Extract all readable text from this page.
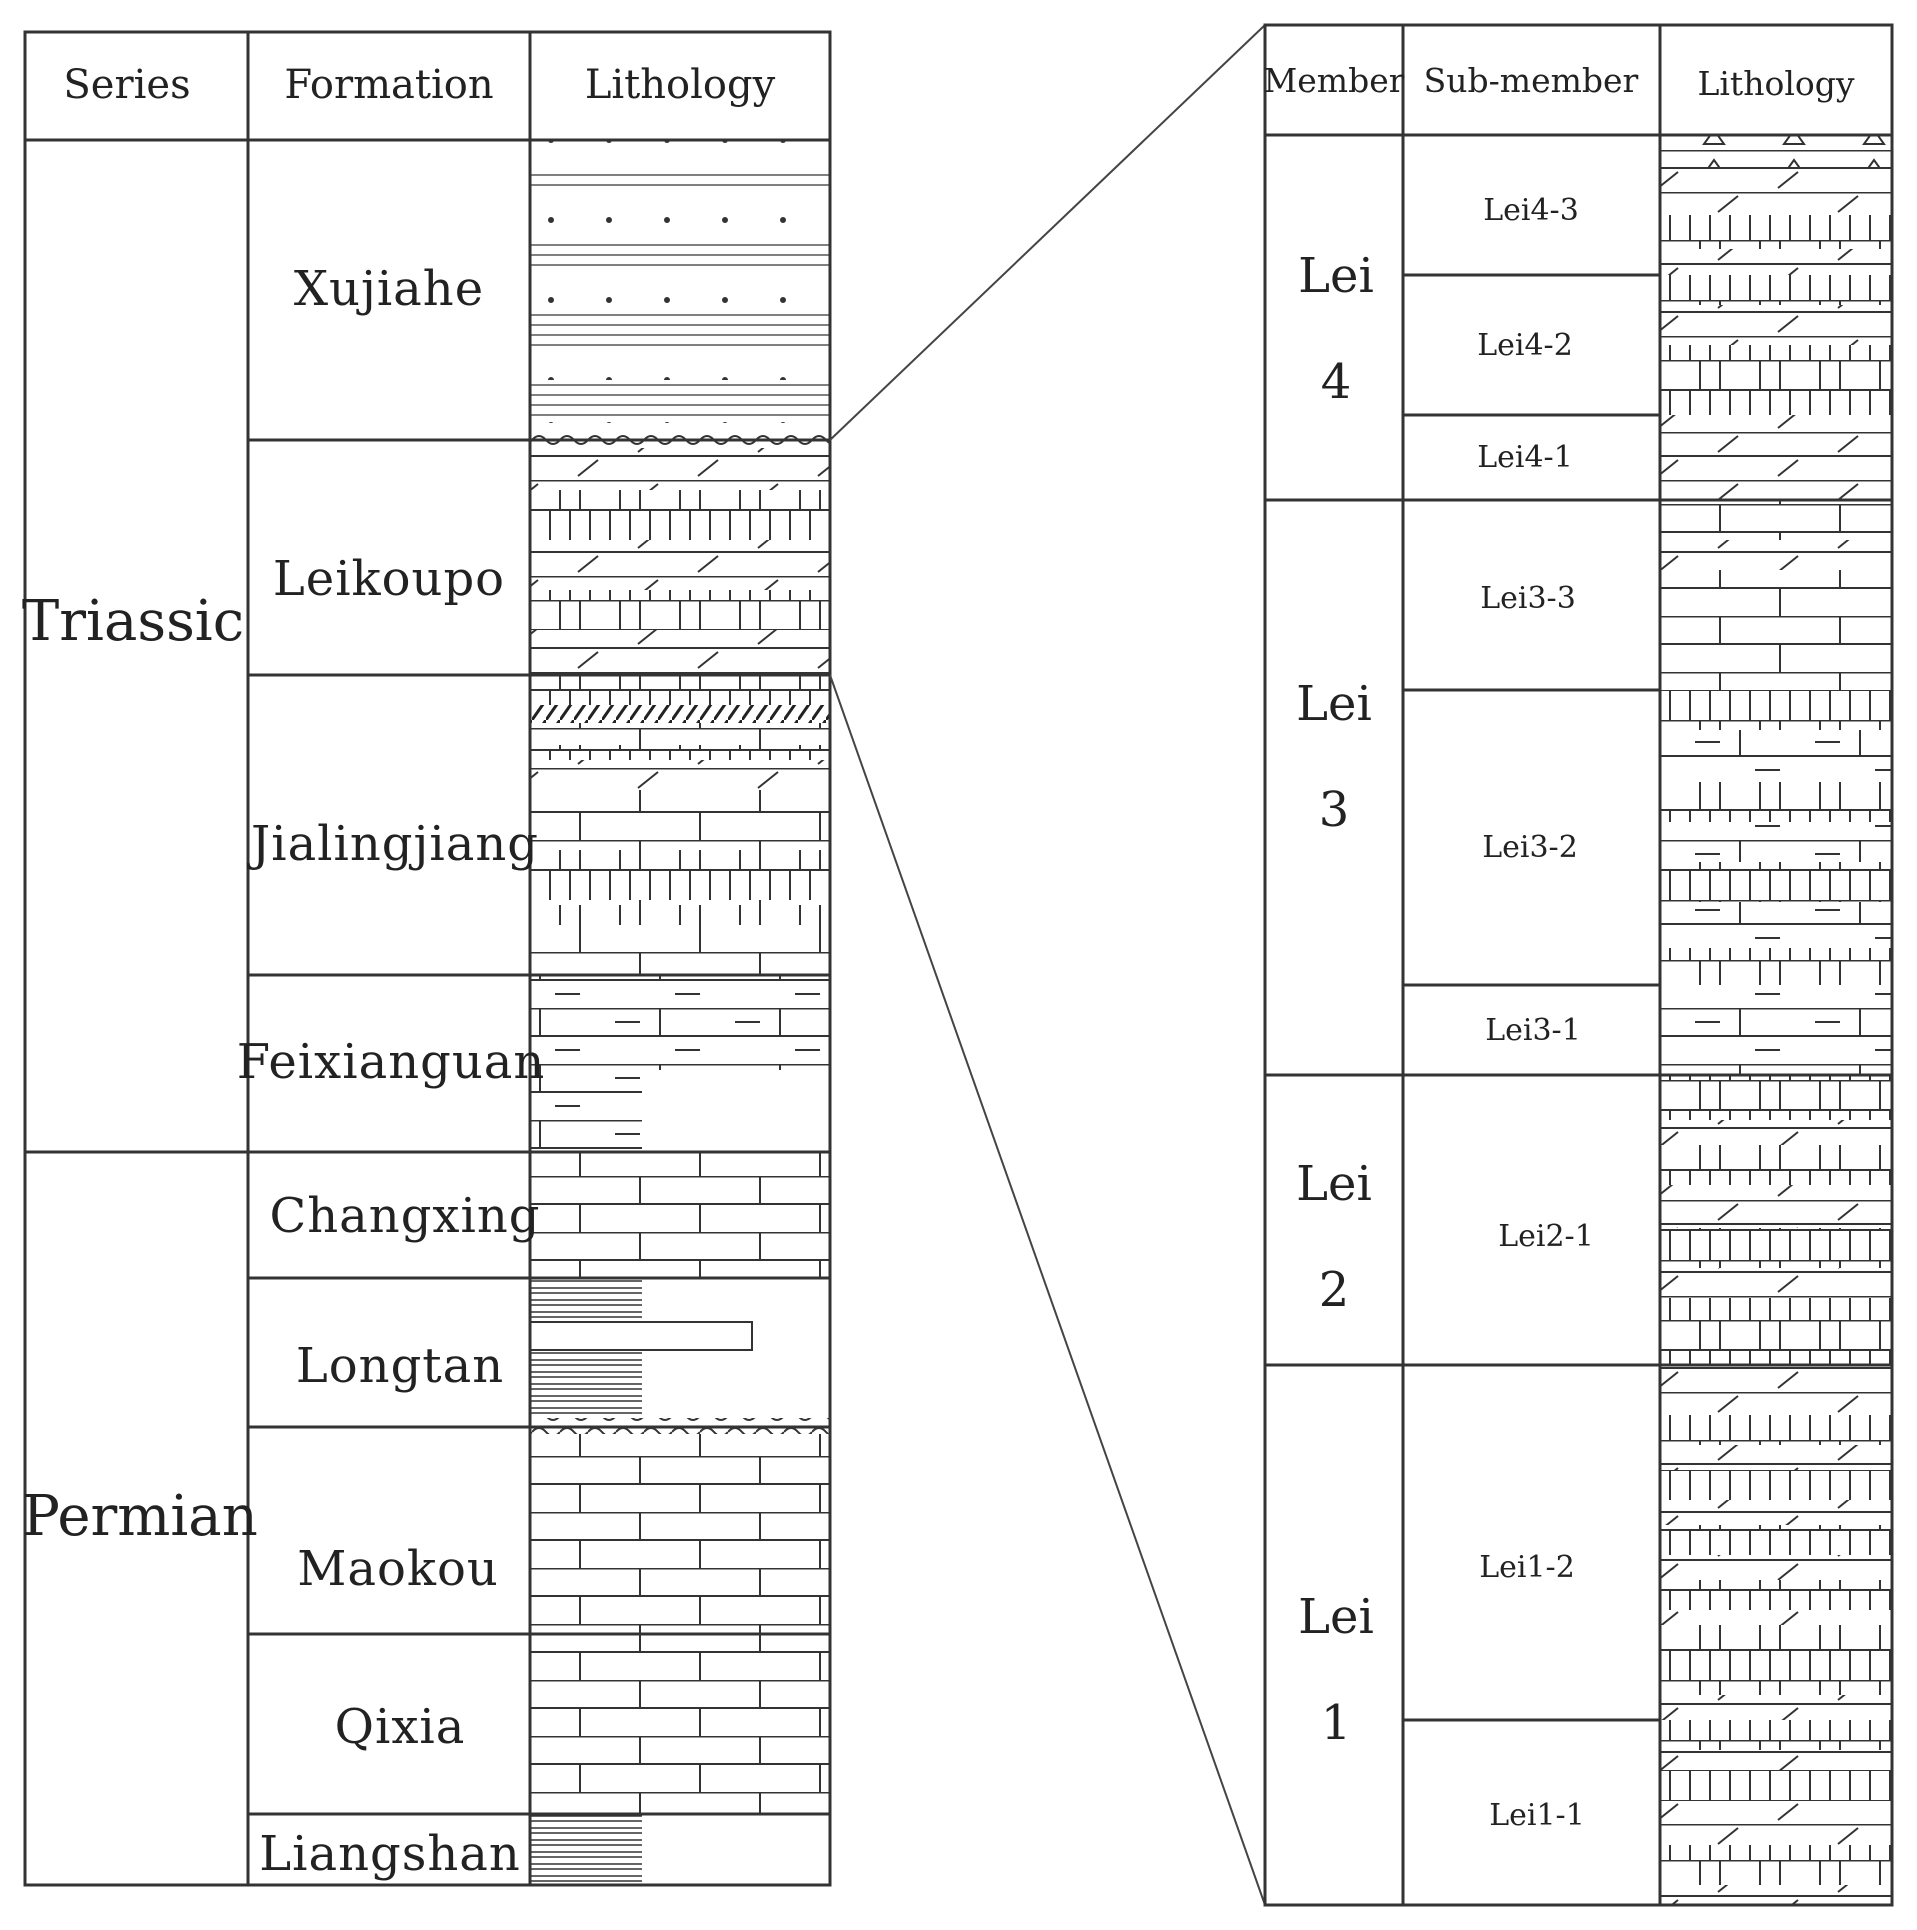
Series Formation Lithology
Triassic
Permian
Xujiahe
Leikoupo
Jialingjiang
Feixianguan
Changxing
Longtan
Maokou
Qixia
Liangshan
Member Sub-member Lithology
Lei
4
Lei
3
Lei
2
Lei
1
Lei4-3
Lei4-2
Lei4-1
Lei3-3
Lei3-2
Lei3-1
Lei2-1
Lei1-2
Lei1-1
